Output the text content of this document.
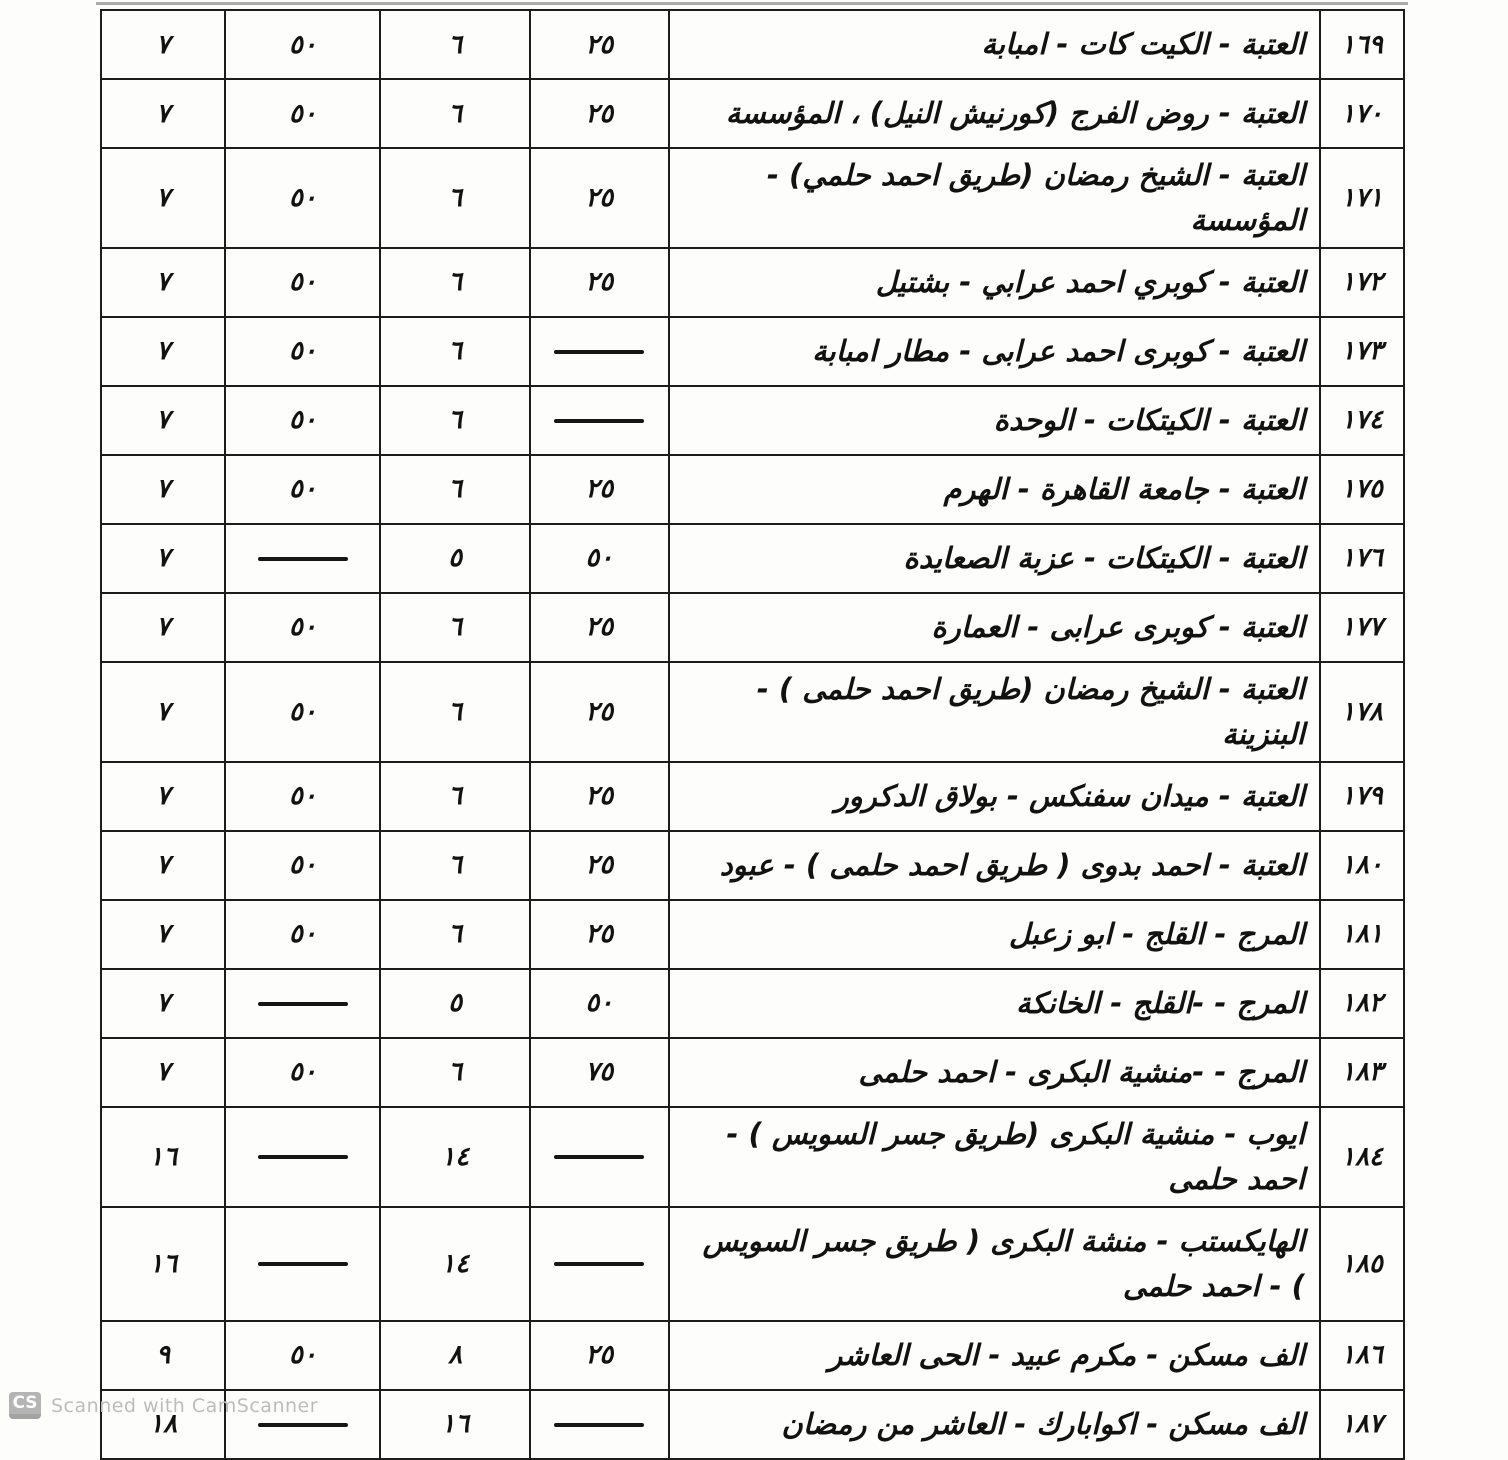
١٦٩	العتبة - الكيت كات - امبابة	٢٥	٦	٥٠	٧
١٧٠	العتبة - روض الفرج (كورنيش النيل) ، المؤسسة	٢٥	٦	٥٠	٧
١٧١	العتبة - الشيخ رمضان (طريق احمد حلمي) - المؤسسة	٢٥	٦	٥٠	٧
١٧٢	العتبة - كوبري احمد عرابي - بشتيل	٢٥	٦	٥٠	٧
١٧٣	العتبة - كوبرى احمد عرابى - مطار امبابة		٦	٥٠	٧
١٧٤	العتبة - الكيتكات - الوحدة		٦	٥٠	٧
١٧٥	العتبة - جامعة القاهرة - الهرم	٢٥	٦	٥٠	٧
١٧٦	العتبة - الكيتكات - عزبة الصعايدة	٥٠	٥		٧
١٧٧	العتبة - كوبرى عرابى - العمارة	٢٥	٦	٥٠	٧
١٧٨	العتبة - الشيخ رمضان (طريق احمد حلمى ) - البنزينة	٢٥	٦	٥٠	٧
١٧٩	العتبة - ميدان سفنكس - بولاق الدكرور	٢٥	٦	٥٠	٧
١٨٠	العتبة - احمد بدوى ( طريق احمد حلمى ) - عبود	٢٥	٦	٥٠	٧
١٨١	المرج - القلج - ابو زعبل	٢٥	٦	٥٠	٧
١٨٢	المرج - -القلج - الخانكة	٥٠	٥		٧
١٨٣	المرج - -منشية البكرى - احمد حلمى	٧٥	٦	٥٠	٧
١٨٤	ايوب - منشية البكرى (طريق جسر السويس ) - احمد حلمى		١٤		١٦
١٨٥	الهايكستب - منشة البكرى ( طريق جسر السويس ) - احمد حلمى		١٤		١٦
١٨٦	الف مسكن - مكرم عبيد - الحى العاشر	٢٥	٨	٥٠	٩
١٨٧	الف مسكن - اكوابارك - العاشر من رمضان		١٦		١٨
CS Scanned with CamScanner
